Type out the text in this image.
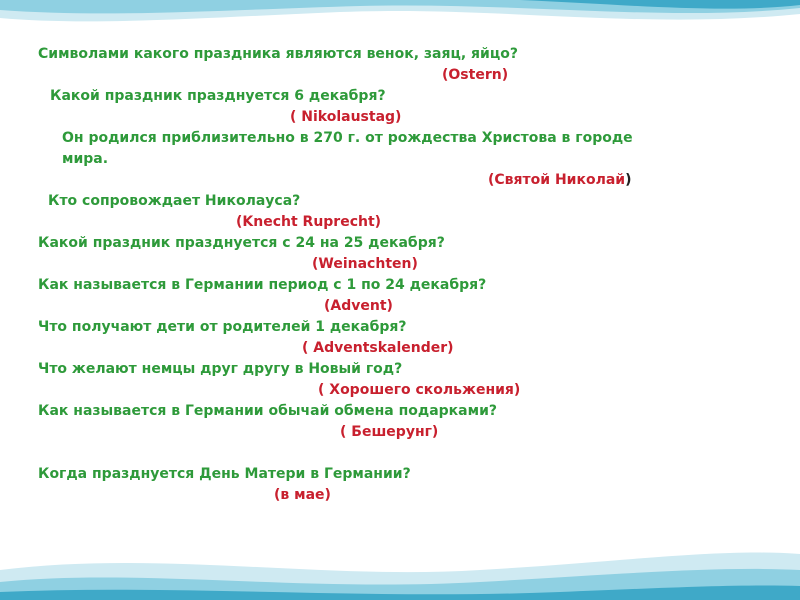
Символами какого праздника являются венок, заяц, яйцо?
(Ostern)
Какой праздник празднуется 6 декабря?
( Nikolaustag)
Он родился приблизительно в 270 г. от рождества Христова в городе
мира.
(Святой Николай)
Кто сопровождает Николауса?
(Knecht Ruprecht)
Какой праздник празднуется с 24 на 25 декабря?
(Weinachten)
Как называется в Германии период с 1 по 24 декабря?
(Advent)
Что получают дети от родителей 1 декабря?
( Adventskalender)
Что желают немцы друг другу в Новый год?
( Хорошего скольжения)
Как называется в Германии обычай обмена подарками?
( Бешерунг)
Когда празднуется День Матери в Германии?
(в мае)
